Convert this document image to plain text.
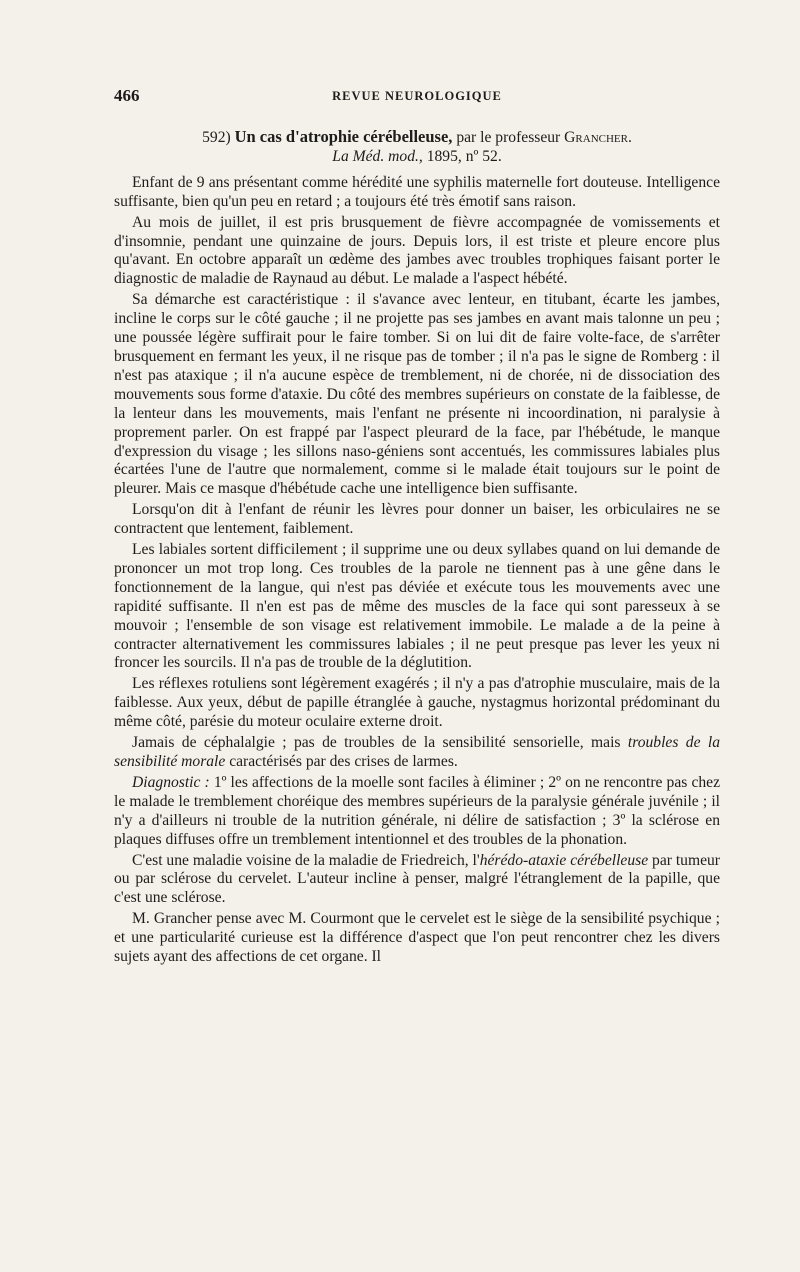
466	REVUE NEUROLOGIQUE

592) Un cas d'atrophie cérébelleuse, par le professeur Grancher.

La Méd. mod., 1895, nº 52.

Enfant de 9 ans présentant comme hérédité une syphilis maternelle fort douteuse. Intelligence suffisante, bien qu'un peu en retard ; a toujours été très émotif sans raison.

Au mois de juillet, il est pris brusquement de fièvre accompagnée de vomissements et d'insomnie, pendant une quinzaine de jours. Depuis lors, il est triste et pleure encore plus qu'avant. En octobre apparaît un œdème des jambes avec troubles trophiques faisant porter le diagnostic de maladie de Raynaud au début. Le malade a l'aspect hébété.

Sa démarche est caractéristique : il s'avance avec lenteur, en titubant, écarte les jambes, incline le corps sur le côté gauche ; il ne projette pas ses jambes en avant mais talonne un peu ; une poussée légère suffirait pour le faire tomber. Si on lui dit de faire volte-face, de s'arrêter brusquement en fermant les yeux, il ne risque pas de tomber ; il n'a pas le signe de Romberg : il n'est pas ataxique ; il n'a aucune espèce de tremblement, ni de chorée, ni de dissociation des mouvements sous forme d'ataxie. Du côté des membres supérieurs on constate de la faiblesse, de la lenteur dans les mouvements, mais l'enfant ne présente ni incoordination, ni paralysie à proprement parler. On est frappé par l'aspect pleurard de la face, par l'hébétude, le manque d'expression du visage ; les sillons naso-géniens sont accentués, les commissures labiales plus écartées l'une de l'autre que normalement, comme si le malade était toujours sur le point de pleurer. Mais ce masque d'hébétude cache une intelligence bien suffisante.

Lorsqu'on dit à l'enfant de réunir les lèvres pour donner un baiser, les orbiculaires ne se contractent que lentement, faiblement.

Les labiales sortent difficilement ; il supprime une ou deux syllabes quand on lui demande de prononcer un mot trop long. Ces troubles de la parole ne tiennent pas à une gêne dans le fonctionnement de la langue, qui n'est pas déviée et exécute tous les mouvements avec une rapidité suffisante. Il n'en est pas de même des muscles de la face qui sont paresseux à se mouvoir ; l'ensemble de son visage est relativement immobile. Le malade a de la peine à contracter alternativement les commissures labiales ; il ne peut presque pas lever les yeux ni froncer les sourcils. Il n'a pas de trouble de la déglutition.

Les réflexes rotuliens sont légèrement exagérés ; il n'y a pas d'atrophie musculaire, mais de la faiblesse. Aux yeux, début de papille étranglée à gauche, nystagmus horizontal prédominant du même côté, parésie du moteur oculaire externe droit.

Jamais de céphalalgie ; pas de troubles de la sensibilité sensorielle, mais troubles de la sensibilité morale caractérisés par des crises de larmes.

Diagnostic : 1º les affections de la moelle sont faciles à éliminer ; 2º on ne rencontre pas chez le malade le tremblement choréique des membres supérieurs de la paralysie générale juvénile ; il n'y a d'ailleurs ni trouble de la nutrition générale, ni délire de satisfaction ; 3º la sclérose en plaques diffuses offre un tremblement intentionnel et des troubles de la phonation.

C'est une maladie voisine de la maladie de Friedreich, l'hérédo-ataxie cérébelleuse par tumeur ou par sclérose du cervelet. L'auteur incline à penser, malgré l'étranglement de la papille, que c'est une sclérose.

M. Grancher pense avec M. Courmont que le cervelet est le siège de la sensibilité psychique ; et une particularité curieuse est la différence d'aspect que l'on peut rencontrer chez les divers sujets ayant des affections de cet organe. Il
